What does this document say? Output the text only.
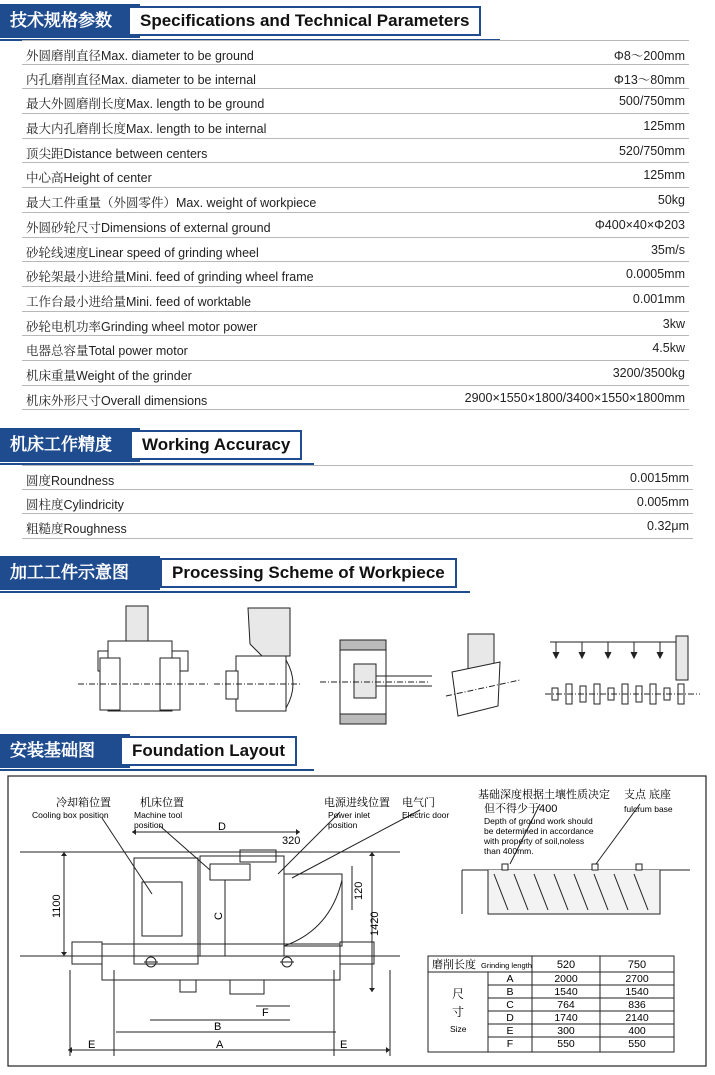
技术规格参数	Specifications and Technical Parameters
外圆磨削直径Max. diameter to be ground	Φ8～200mm
内孔磨削直径Max. diameter to be internal	Φ13～80mm
最大外圆磨削长度Max. length to be ground	500/750mm
最大内孔磨削长度Max. length to be internal	125mm
顶尖距Distance between centers	520/750mm
中心高Height of center	125mm
最大工件重量（外圆零件）Max. weight of workpiece	50kg
外圆砂轮尺寸Dimensions of external ground	Φ400×40×Φ203
砂轮线速度Linear speed of grinding wheel	35m/s
砂轮架最小进给量Mini. feed of grinding wheel frame	0.0005mm
工作台最小进给量Mini. feed of worktable	0.001mm
砂轮电机功率Grinding wheel motor power	3kw
电器总容量Total power motor	4.5kw
机床重量Weight of the grinder	3200/3500kg
机床外形尺寸Overall dimensions	2900×1550×1800/3400×1550×1800mm
机床工作精度	Working Accuracy
圆度Roundness	0.0015mm
圆柱度Cylindricity	0.005mm
粗糙度Roughness	0.32μm
加工工件示意图	Processing Scheme of Workpiece
安装基础图	Foundation Layout
冷却箱位置
Cooling box position
机床位置
Machine tool
position
电源进线位置
Power inlet
position
电气门
Electric door
D
320
120
C
1100
1420
B
F
A
E	E
基础深度根据土壤性质决定
但不得少于400
Depth of ground work should
be determined in accordance
with property of soil,noless
than 400mm.
支点 底座
fulcrum base
磨削长度 Grinding length 520	750
尺
寸
Size
A	2000	2700
B	1540	1540
C	764	836
D	1740	2140
E	300	400
F	550	550
